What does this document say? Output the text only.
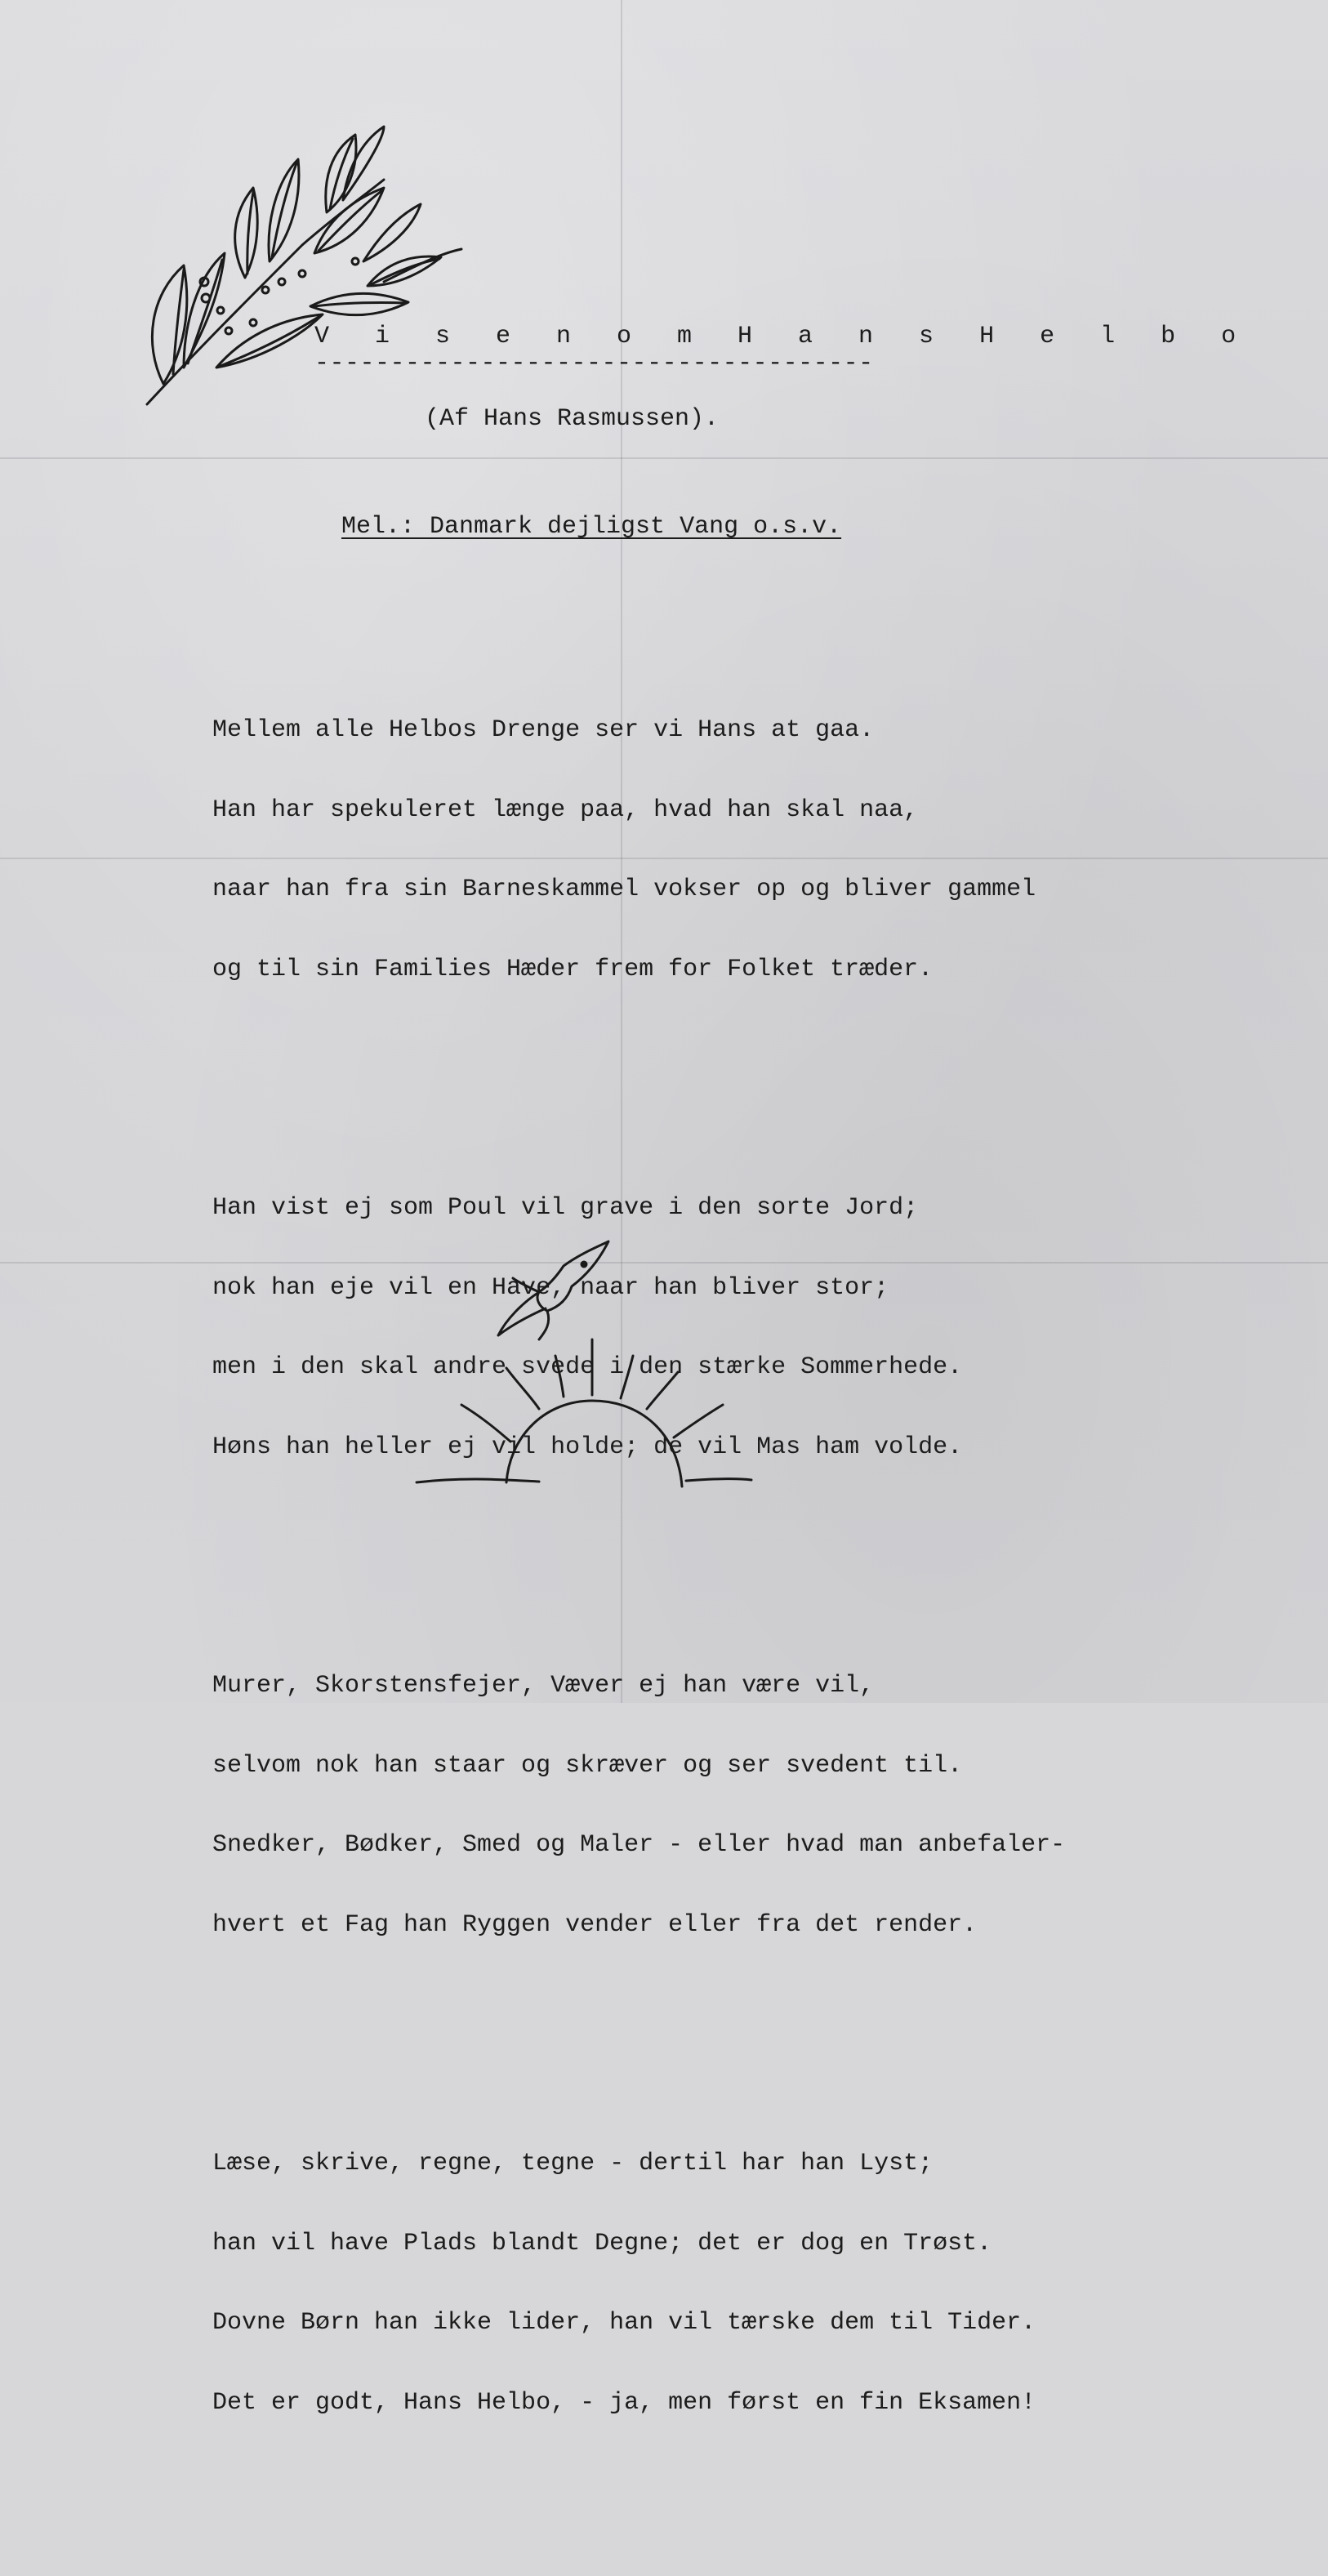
V i s e n o m H a n s H e l b o
-------------------------------------
(Af Hans Rasmussen).
Mel.: Danmark dejligst Vang o.s.v.

Mellem alle Helbos Drenge ser vi Hans at gaa.

Han har spekuleret længe paa, hvad han skal naa,

naar han fra sin Barneskammel vokser op og bliver gammel

og til sin Families Hæder frem for Folket træder.

Han vist ej som Poul vil grave i den sorte Jord;

nok han eje vil en Have, naar han bliver stor;

men i den skal andre svede i den stærke Sommerhede.

Høns han heller ej vil holde; de vil Mas ham volde.

Murer, Skorstensfejer, Væver ej han være vil,

selvom nok han staar og skræver og ser svedent til.

Snedker, Bødker, Smed og Maler - eller hvad man anbefaler-

hvert et Fag han Ryggen vender eller fra det render.

Læse, skrive, regne, tegne - dertil har han Lyst;

han vil have Plads blandt Degne; det er dog en Trøst.

Dovne Børn han ikke lider, han vil tærske dem til Tider.

Det er godt, Hans Helbo, - ja, men først en fin Eksamen!
